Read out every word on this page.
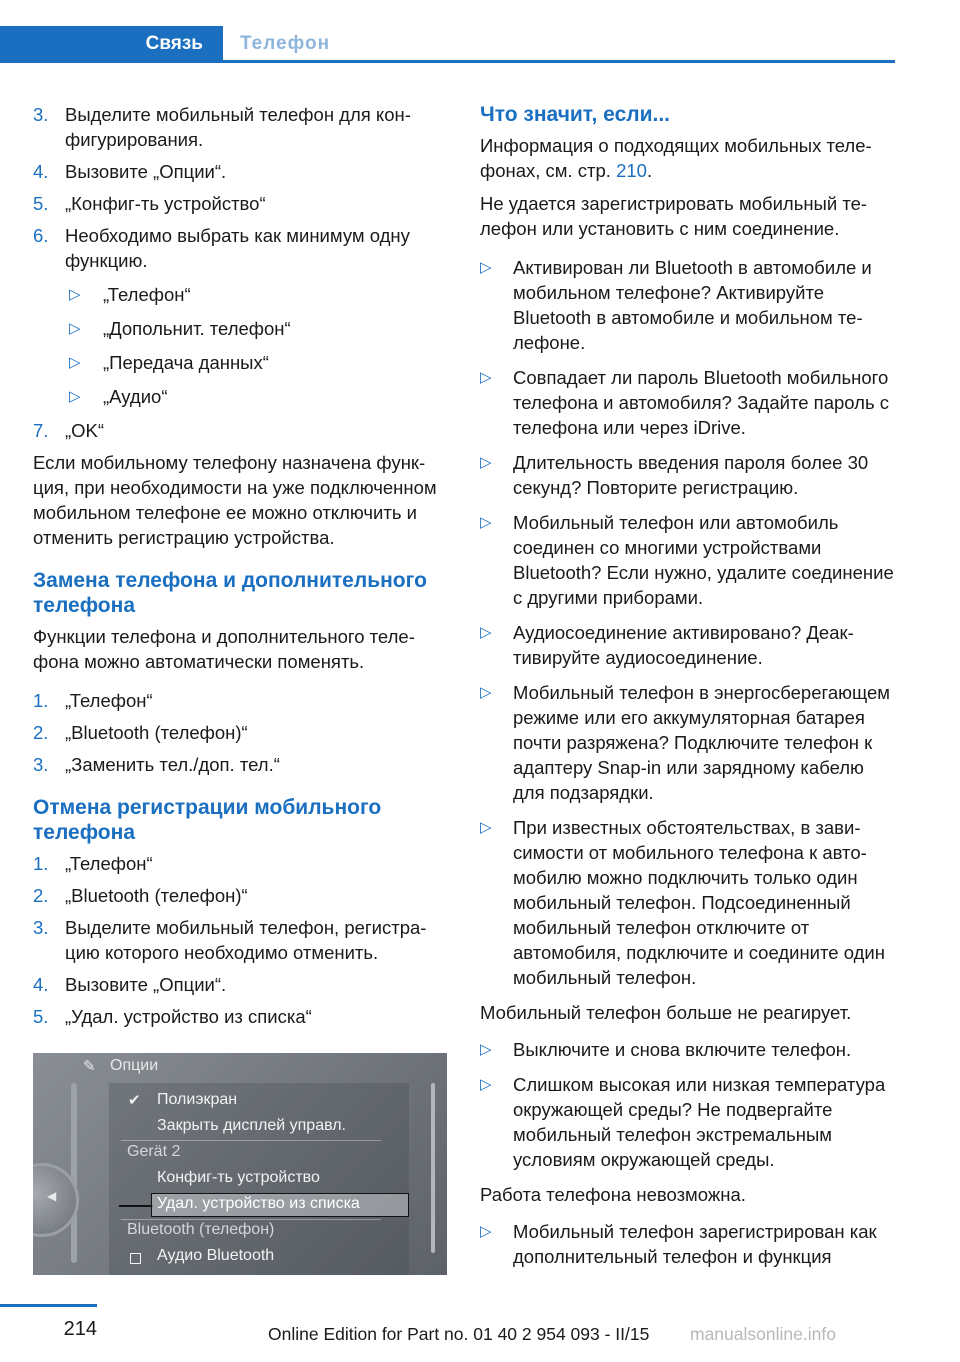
Связь	Телефон
3. Выделите мобильный телефон для конфигурирования.
4. Вызовите „Опции“.
5. „Конфиг-ть устройство“
6. Необходимо выбрать как минимум одну функцию.
▷ „Телефон“
▷ „Допольнит. телефон“
▷ „Передача данных“
▷ „Аудио“
7. „OK“

Если мобильному телефону назначена функция, при необходимости на уже подключенном мобильном телефоне ее можно отключить и отменить регистрацию устройства.

Замена телефона и дополнительного телефона

Функции телефона и дополнительного телефона можно автоматически поменять.

1. „Телефон“
2. „Bluetooth (телефон)“
3. „Заменить тел./доп. тел.“
Отмена регистрации мобильного телефона
1. „Телефон“
2. „Bluetooth (телефон)“
3. Выделите мобильный телефон, регистрацию которого необходимо отменить.
4. Вызовите „Опции“.
5. „Удал. устройство из списка“
◀
✎ Опции
✔ Полиэкран
Закрыть дисплей управл.
Gerät 2
Конфиг-ть устройство
Удал. устройство из списка
Bluetooth (телефон)
Аудио Bluetooth
Что значит, если...

Информация о подходящих мобильных телефонах, см. стр. 210.

Не удается зарегистрировать мобильный телефон или установить с ним соединение.

▷ Активирован ли Bluetooth в автомобиле и мобильном телефоне? Активируйте Bluetooth в автомобиле и мобильном телефоне.
▷ Совпадает ли пароль Bluetooth мобильного телефона и автомобиля? Задайте пароль с телефона или через iDrive.
▷ Длительность введения пароля более 30 секунд? Повторите регистрацию.
▷ Мобильный телефон или автомобиль соединен со многими устройствами Bluetooth? Если нужно, удалите соединение с другими приборами.
▷ Аудиосоединение активировано? Деактивируйте аудиосоединение.
▷ Мобильный телефон в энергосберегающем режиме или его аккумуляторная батарея почти разряжена? Подключите телефон к адаптеру Snap-in или зарядному кабелю для подзарядки.
▷ При известных обстоятельствах, в зависимости от мобильного телефона к автомобилю можно подключить только один мобильный телефон. Подсоединенный мобильный телефон отключите от автомобиля, подключите и соедините один мобильный телефон.

Мобильный телефон больше не реагирует.

▷ Выключите и снова включите телефон.
▷ Слишком высокая или низкая температура окружающей среды? Не подвергайте мобильный телефон экстремальным условиям окружающей среды.

Работа телефона невозможна.

▷ Мобильный телефон зарегистрирован как дополнительный телефон и функция
214	Online Edition for Part no. 01 40 2 954 093 - II/15 manualsonline.info
